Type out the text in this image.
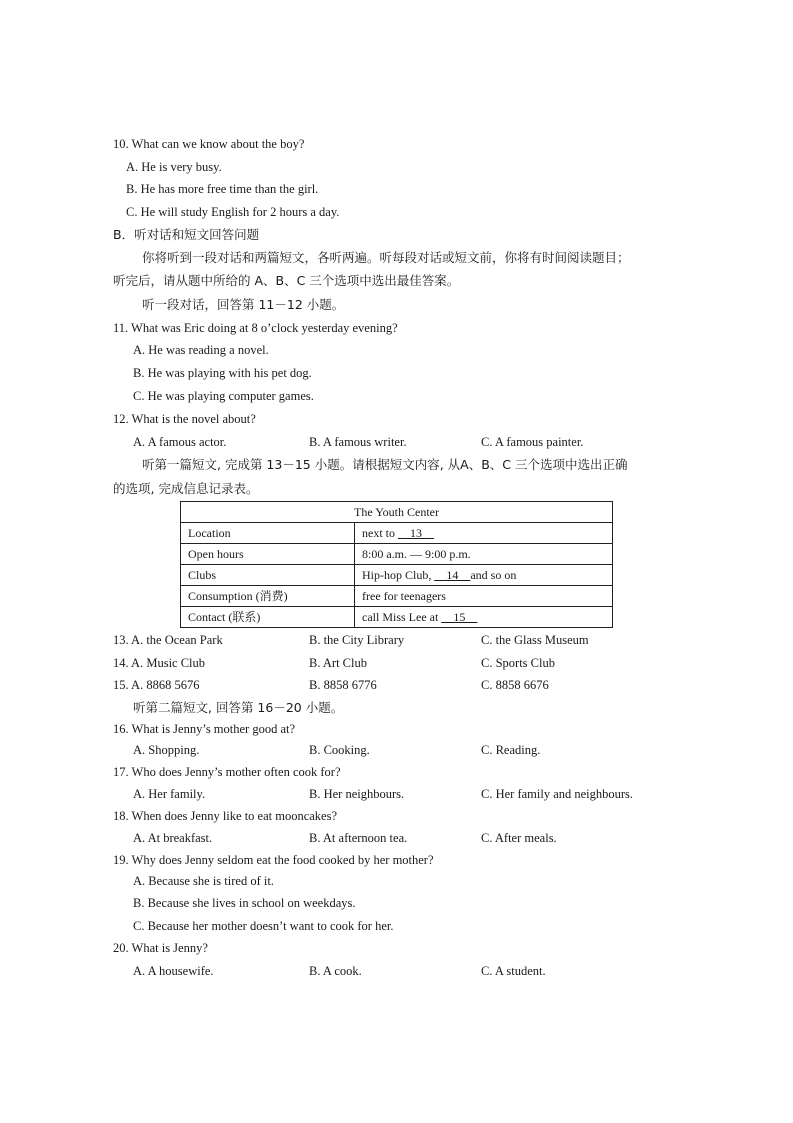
10. What can we know about the boy?
A. He is very busy.
B. He has more free time than the girl.
C. He will study English for 2 hours a day.
B．听对话和短文回答问题
你将听到一段对话和两篇短文，各听两遍。听每段对话或短文前，你将有时间阅读题目；
听完后，请从题中所给的 A、B、C 三个选项中选出最佳答案。
听一段对话，回答第 11－12 小题。
11. What was Eric doing at 8 o’clock yesterday evening?
A. He was reading a novel.
B. He was playing with his pet dog.
C. He was playing computer games.
12. What is the novel about?
A. A famous actor.	B. A famous writer.	C. A famous painter.
听第一篇短文, 完成第 13－15 小题。请根据短文内容, 从A、B、C 三个选项中选出正确
的选项, 完成信息记录表。
The Youth Center	
Location	next to __13__
Open hours	8:00 a.m. — 9:00 p.m.
Clubs	Hip-hop Club, __14__and so on
Consumption (消费)	free for teenagers
Contact (联系)	call Miss Lee at __15__
13. A. the Ocean Park	B. the City Library	C. the Glass Museum
14. A. Music Club	B. Art Club	C. Sports Club
15. A. 8868 5676	B. 8858 6776	C. 8858 6676
听第二篇短文, 回答第 16－20 小题。
16. What is Jenny’s mother good at?
A. Shopping.	B. Cooking.	C. Reading.
17. Who does Jenny’s mother often cook for?
A. Her family.	B. Her neighbours.	C. Her family and neighbours.
18. When does Jenny like to eat mooncakes?
A. At breakfast.	B. At afternoon tea.	C. After meals.
19. Why does Jenny seldom eat the food cooked by her mother?
A. Because she is tired of it.
B. Because she lives in school on weekdays.
C. Because her mother doesn’t want to cook for her.
20. What is Jenny?
A. A housewife.	B. A cook.	C. A student.
